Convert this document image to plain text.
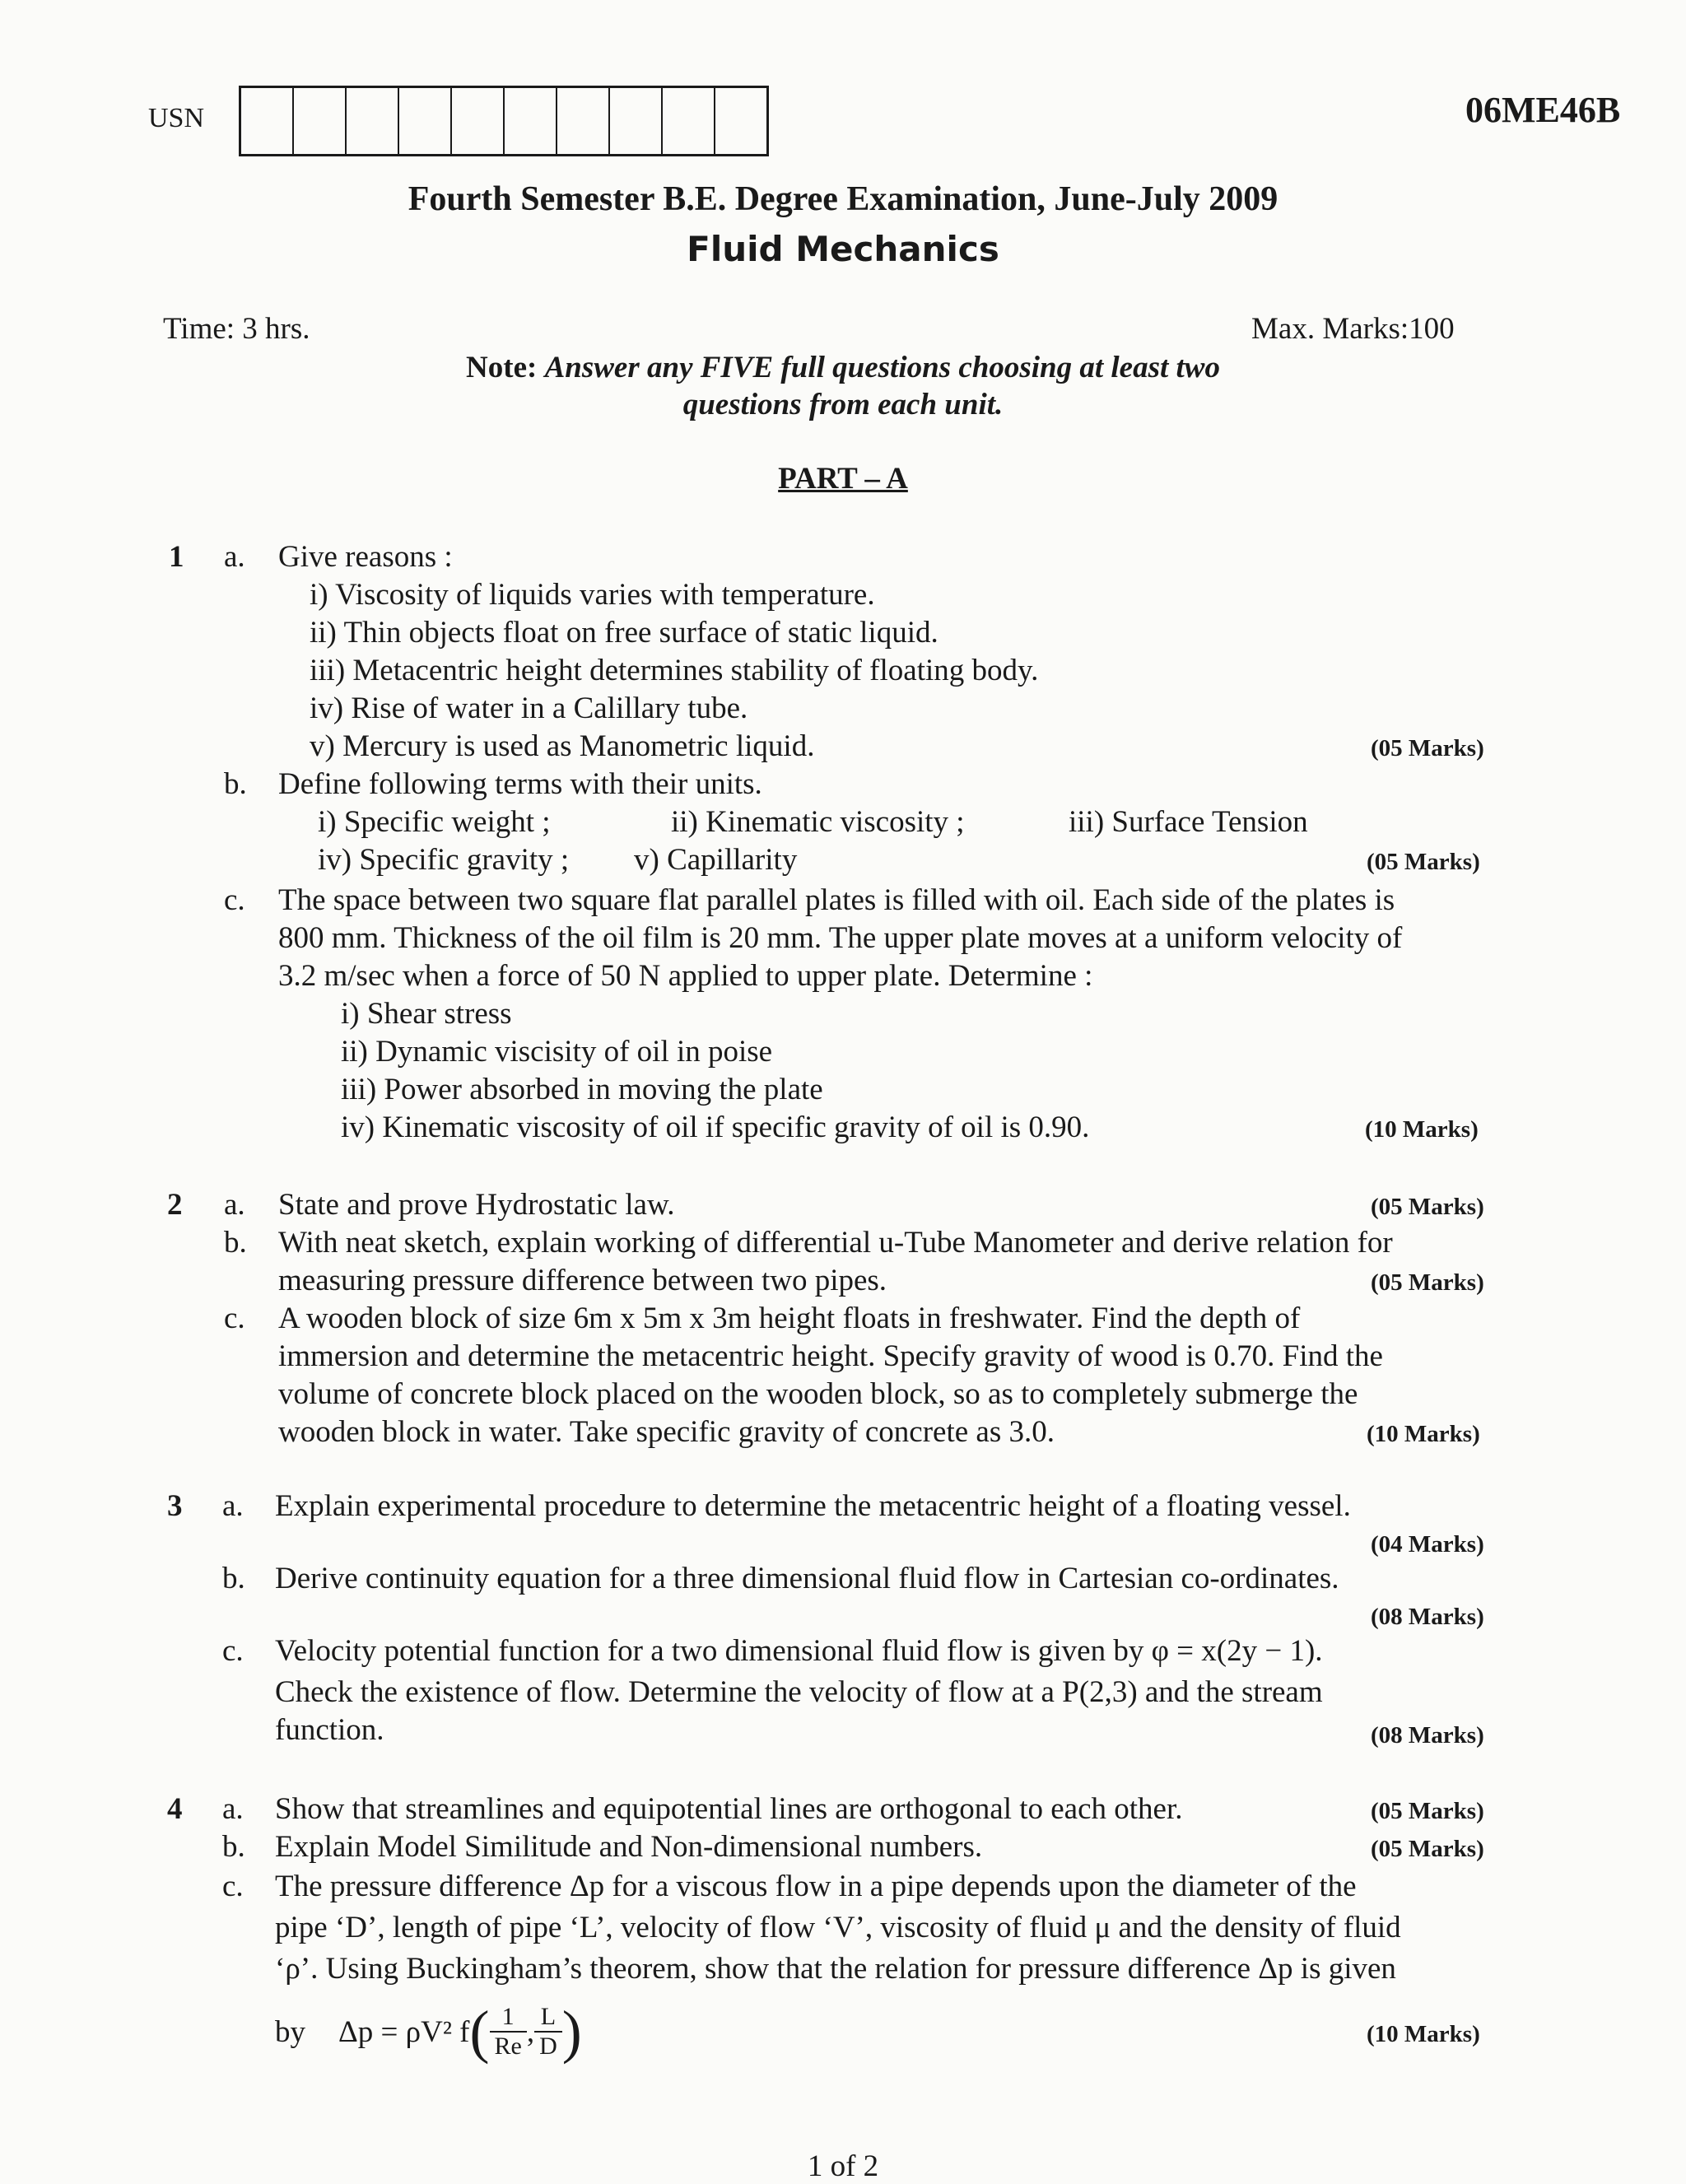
USN	06ME46B
Fourth Semester B.E. Degree Examination, June-July 2009
Fluid Mechanics
Time: 3 hrs.	Max. Marks:100
Note: Answer any FIVE full questions choosing at least two
questions from each unit.
PART – A
1 a. Give reasons :
i) Viscosity of liquids varies with temperature.
ii) Thin objects float on free surface of static liquid.
iii) Metacentric height determines stability of floating body.
iv) Rise of water in a Calillary tube.
v) Mercury is used as Manometric liquid.	(05 Marks)
b. Define following terms with their units.
i) Specific weight ;	ii) Kinematic viscosity ;	iii) Surface Tension
iv) Specific gravity ; v) Capillarity	(05 Marks)
c. The space between two square flat parallel plates is filled with oil. Each side of the plates is
800 mm. Thickness of the oil film is 20 mm. The upper plate moves at a uniform velocity of
3.2 m/sec when a force of 50 N applied to upper plate. Determine :
i) Shear stress
ii) Dynamic viscisity of oil in poise
iii) Power absorbed in moving the plate
iv) Kinematic viscosity of oil if specific gravity of oil is 0.90.	(10 Marks)
2 a. State and prove Hydrostatic law.	(05 Marks)
b. With neat sketch, explain working of differential u-Tube Manometer and derive relation for
measuring pressure difference between two pipes.	(05 Marks)
c. A wooden block of size 6m x 5m x 3m height floats in freshwater. Find the depth of
immersion and determine the metacentric height. Specify gravity of wood is 0.70. Find the
volume of concrete block placed on the wooden block, so as to completely submerge the
wooden block in water. Take specific gravity of concrete as 3.0.	(10 Marks)
3 a. Explain experimental procedure to determine the metacentric height of a floating vessel.
(04 Marks)
b. Derive continuity equation for a three dimensional fluid flow in Cartesian co-ordinates.
(08 Marks)
c. Velocity potential function for a two dimensional fluid flow is given by φ = x(2y − 1).
Check the existence of flow. Determine the velocity of flow at a P(2,3) and the stream
function.	(08 Marks)
4 a. Show that streamlines and equipotential lines are orthogonal to each other.	(05 Marks)
b. Explain Model Similitude and Non-dimensional numbers.	(05 Marks)
c. The pressure difference Δp for a viscous flow in a pipe depends upon the diameter of the
pipe ‘D’, length of pipe ‘L’, velocity of flow ‘V’, viscosity of fluid μ and the density of fluid
‘ρ’. Using Buckingham’s theorem, show that the relation for pressure difference Δp is given
by Δp = ρV² f ( $\frac{1}{Re}$ , $\frac{L}{D}$ )	(10 Marks)
1 of 2
